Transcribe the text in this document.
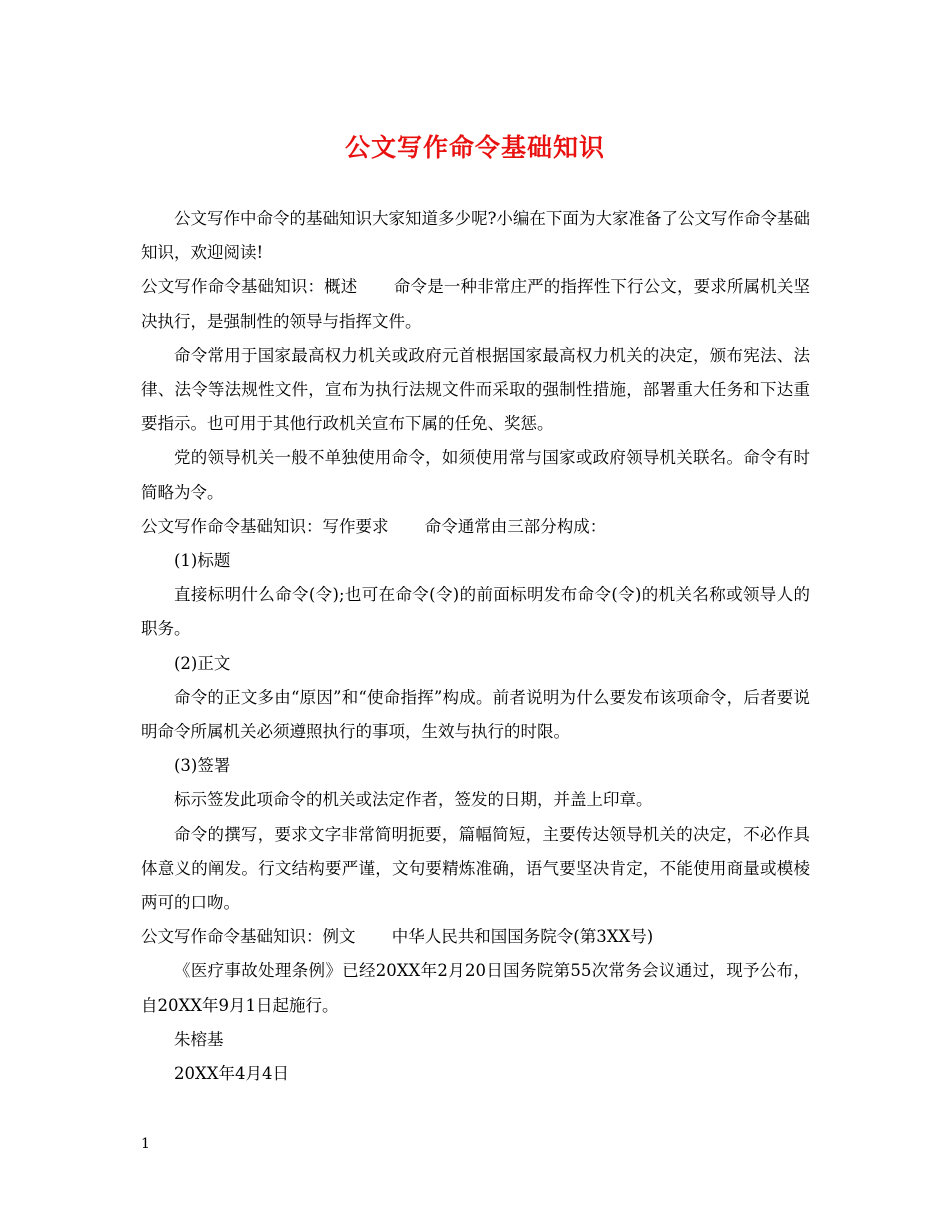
公文写作命令基础知识

公文写作中命令的基础知识大家知道多少呢?小编在下面为大家准备了公文写作命令基础知识，欢迎阅读!

公文写作命令基础知识：概述 命令是一种非常庄严的指挥性下行公文，要求所属机关坚决执行，是强制性的领导与指挥文件。

命令常用于国家最高权力机关或政府元首根据国家最高权力机关的决定，颁布宪法、法律、法令等法规性文件，宣布为执行法规文件而采取的强制性措施，部署重大任务和下达重要指示。也可用于其他行政机关宣布下属的任免、奖惩。

党的领导机关一般不单独使用命令，如须使用常与国家或政府领导机关联名。命令有时简略为令。

公文写作命令基础知识：写作要求 命令通常由三部分构成：

(1)标题

直接标明什么命令(令);也可在命令(令)的前面标明发布命令(令)的机关名称或领导人的职务。

(2)正文

命令的正文多由“原因”和“使命指挥”构成。前者说明为什么要发布该项命令，后者要说明命令所属机关必须遵照执行的事项，生效与执行的时限。

(3)签署

标示签发此项命令的机关或法定作者，签发的日期，并盖上印章。

命令的撰写，要求文字非常简明扼要，篇幅简短，主要传达领导机关的决定，不必作具体意义的阐发。行文结构要严谨，文句要精炼准确，语气要坚决肯定，不能使用商量或模棱两可的口吻。

公文写作命令基础知识：例文 中华人民共和国国务院令(第3XX号)

《医疗事故处理条例》已经20XX年2月20日国务院第55次常务会议通过，现予公布，自20XX年9月1日起施行。

朱榕基

20XX年4月4日

1
